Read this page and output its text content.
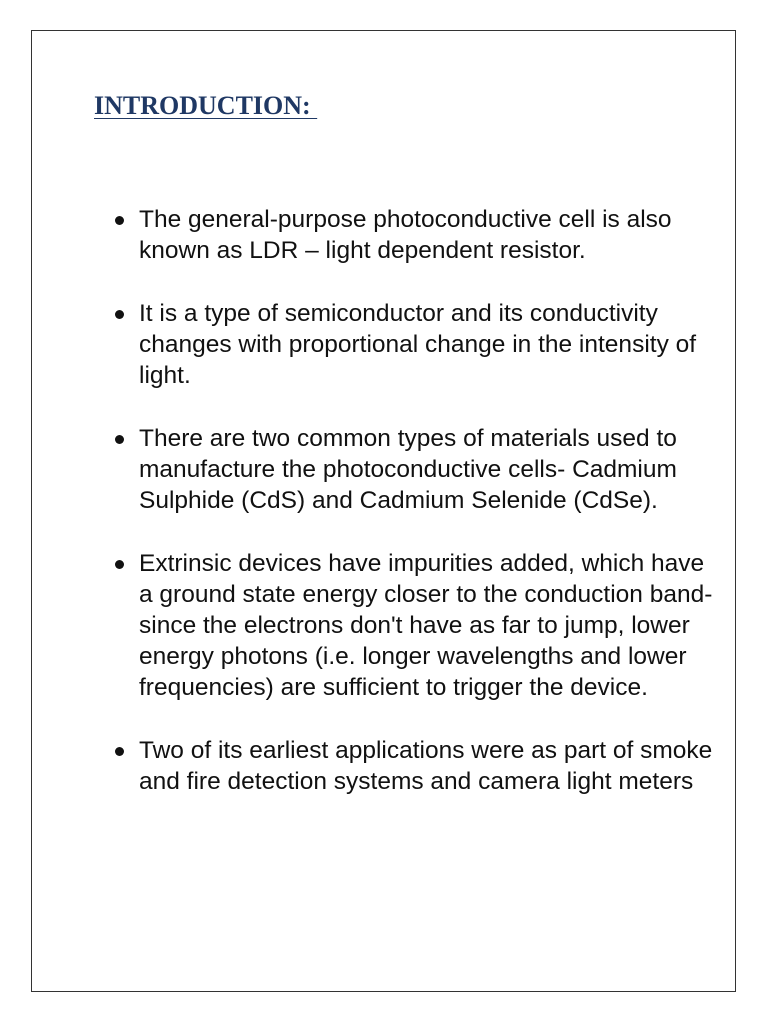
INTRODUCTION:
The general-purpose photoconductive cell is also known as LDR – light dependent resistor.
It is a type of semiconductor and its conductivity changes with proportional change in the intensity of light.
There are two common types of materials used to manufacture the photoconductive cells- Cadmium Sulphide (CdS) and Cadmium Selenide (CdSe).
Extrinsic devices have impurities added, which have a ground state energy closer to the conduction band- since the electrons don't have as far to jump, lower energy photons (i.e. longer wavelengths and lower frequencies) are sufficient to trigger the device.
Two of its earliest applications were as part of smoke and fire detection systems and camera light meters
